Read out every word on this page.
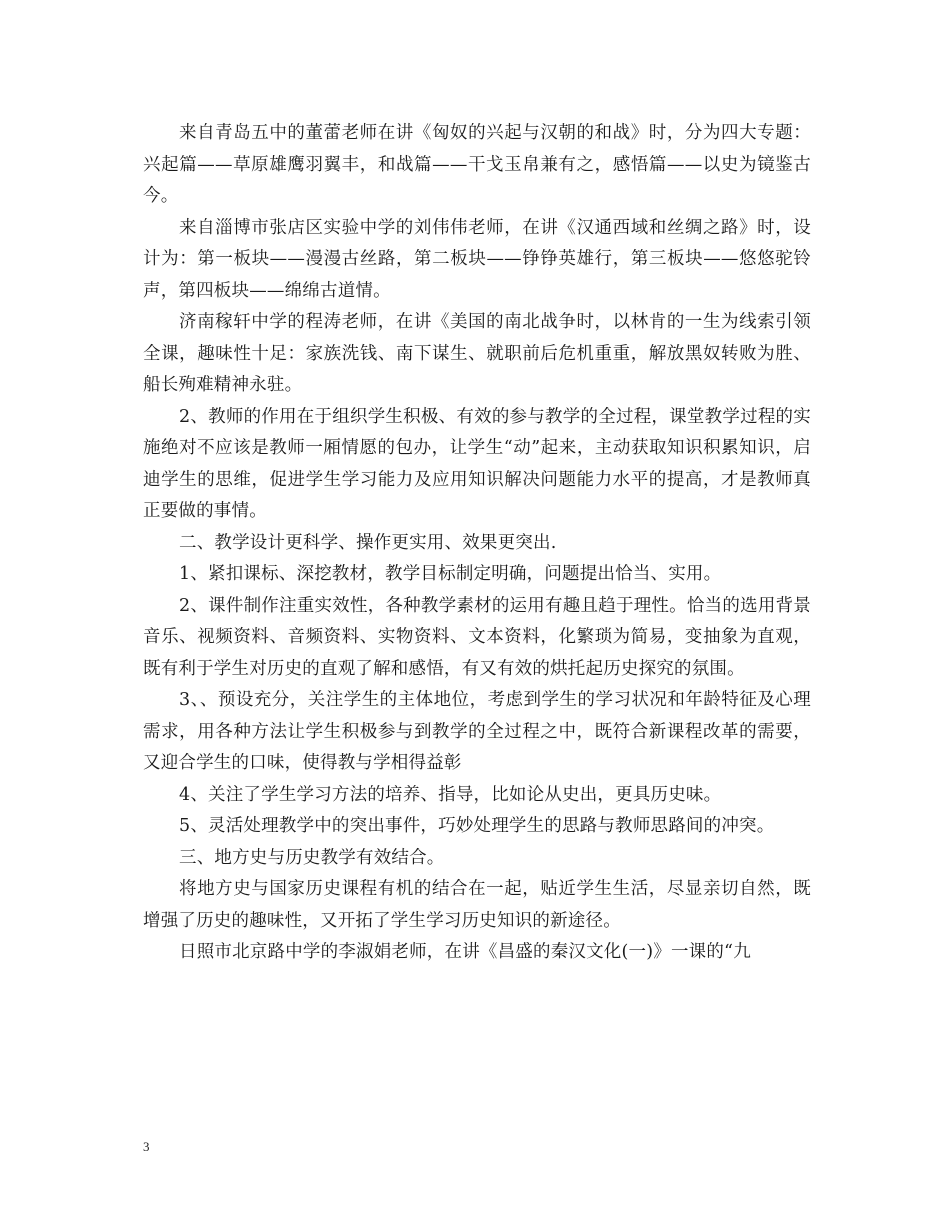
来自青岛五中的董蕾老师在讲《匈奴的兴起与汉朝的和战》时，分为四大专题：兴起篇——草原雄鹰羽翼丰，和战篇——干戈玉帛兼有之，感悟篇——以史为镜鉴古今。

来自淄博市张店区实验中学的刘伟伟老师，在讲《汉通西域和丝绸之路》时，设计为：第一板块——漫漫古丝路，第二板块——铮铮英雄行，第三板块——悠悠驼铃声，第四板块——绵绵古道情。

济南稼轩中学的程涛老师，在讲《美国的南北战争时，以林肯的一生为线索引领全课，趣味性十足：家族洗钱、南下谋生、就职前后危机重重，解放黑奴转败为胜、船长殉难精神永驻。

2、教师的作用在于组织学生积极、有效的参与教学的全过程，课堂教学过程的实施绝对不应该是教师一厢情愿的包办，让学生“动”起来，主动获取知识积累知识，启迪学生的思维，促进学生学习能力及应用知识解决问题能力水平的提高，才是教师真正要做的事情。

二、教学设计更科学、操作更实用、效果更突出.

1、紧扣课标、深挖教材，教学目标制定明确，问题提出恰当、实用。

2、课件制作注重实效性，各种教学素材的运用有趣且趋于理性。恰当的选用背景音乐、视频资料、音频资料、实物资料、文本资料，化繁琐为简易，变抽象为直观，既有利于学生对历史的直观了解和感悟，有又有效的烘托起历史探究的氛围。

3、、预设充分，关注学生的主体地位，考虑到学生的学习状况和年龄特征及心理需求，用各种方法让学生积极参与到教学的全过程之中，既符合新课程改革的需要，又迎合学生的口味，使得教与学相得益彰

4、关注了学生学习方法的培养、指导，比如论从史出，更具历史味。

5、灵活处理教学中的突出事件，巧妙处理学生的思路与教师思路间的冲突。

三、地方史与历史教学有效结合。

将地方史与国家历史课程有机的结合在一起，贴近学生生活，尽显亲切自然，既增强了历史的趣味性，又开拓了学生学习历史知识的新途径。

日照市北京路中学的李淑娟老师，在讲《昌盛的秦汉文化(一)》一课的“九

3
